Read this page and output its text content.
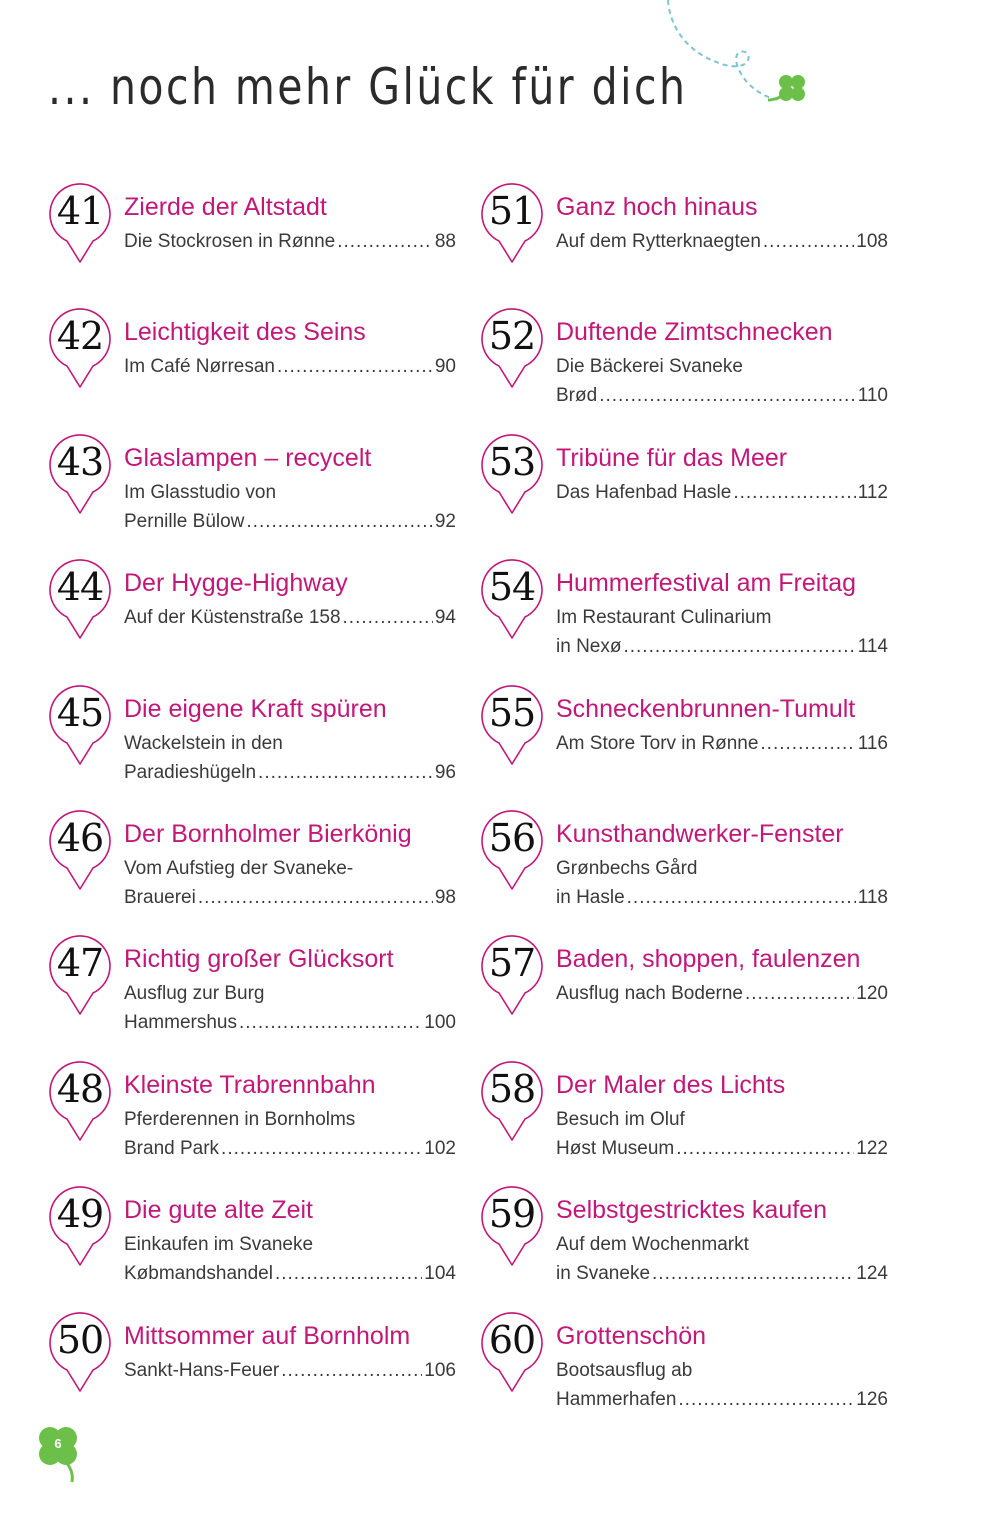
... noch mehr Glück für dich
41 Zierde der Altstadt
Die Stockrosen in Rønne .....	88
42 Leichtigkeit des Seins
Im Café Nørresan .....	90
43 Glaslampen – recycelt
Im Glasstudio von
Pernille Bülow .....	92
44 Der Hygge-Highway
Auf der Küstenstraße 158 .....	94
45 Die eigene Kraft spüren
Wackelstein in den
Paradieshügeln .....	96
46 Der Bornholmer Bierkönig
Vom Aufstieg der Svaneke-
Brauerei .....	98
47 Richtig großer Glücksort
Ausflug zur Burg
Hammershus .....	100
48 Kleinste Trabrennbahn
Pferderennen in Bornholms
Brand Park .....	102
49 Die gute alte Zeit
Einkaufen im Svaneke
Købmandshandel .....	104
50 Mittsommer auf Bornholm
Sankt-Hans-Feuer .....	106
51 Ganz hoch hinaus
Auf dem Rytterknaegten .....	108
52 Duftende Zimtschnecken
Die Bäckerei Svaneke
Brød .....	110
53 Tribüne für das Meer
Das Hafenbad Hasle .....	112
54 Hummerfestival am Freitag
Im Restaurant Culinarium
in Nexø .....	114
55 Schneckenbrunnen-Tumult
Am Store Torv in Rønne .....	116
56 Kunsthandwerker-Fenster
Grønbechs Gård
in Hasle .....	118
57 Baden, shoppen, faulenzen
Ausflug nach Boderne .....	120
58 Der Maler des Lichts
Besuch im Oluf
Høst Museum .....	122
59 Selbstgestricktes kaufen
Auf dem Wochenmarkt
in Svaneke .....	124
60 Grottenschön
Bootsausflug ab
Hammerhafen .....	126
6
